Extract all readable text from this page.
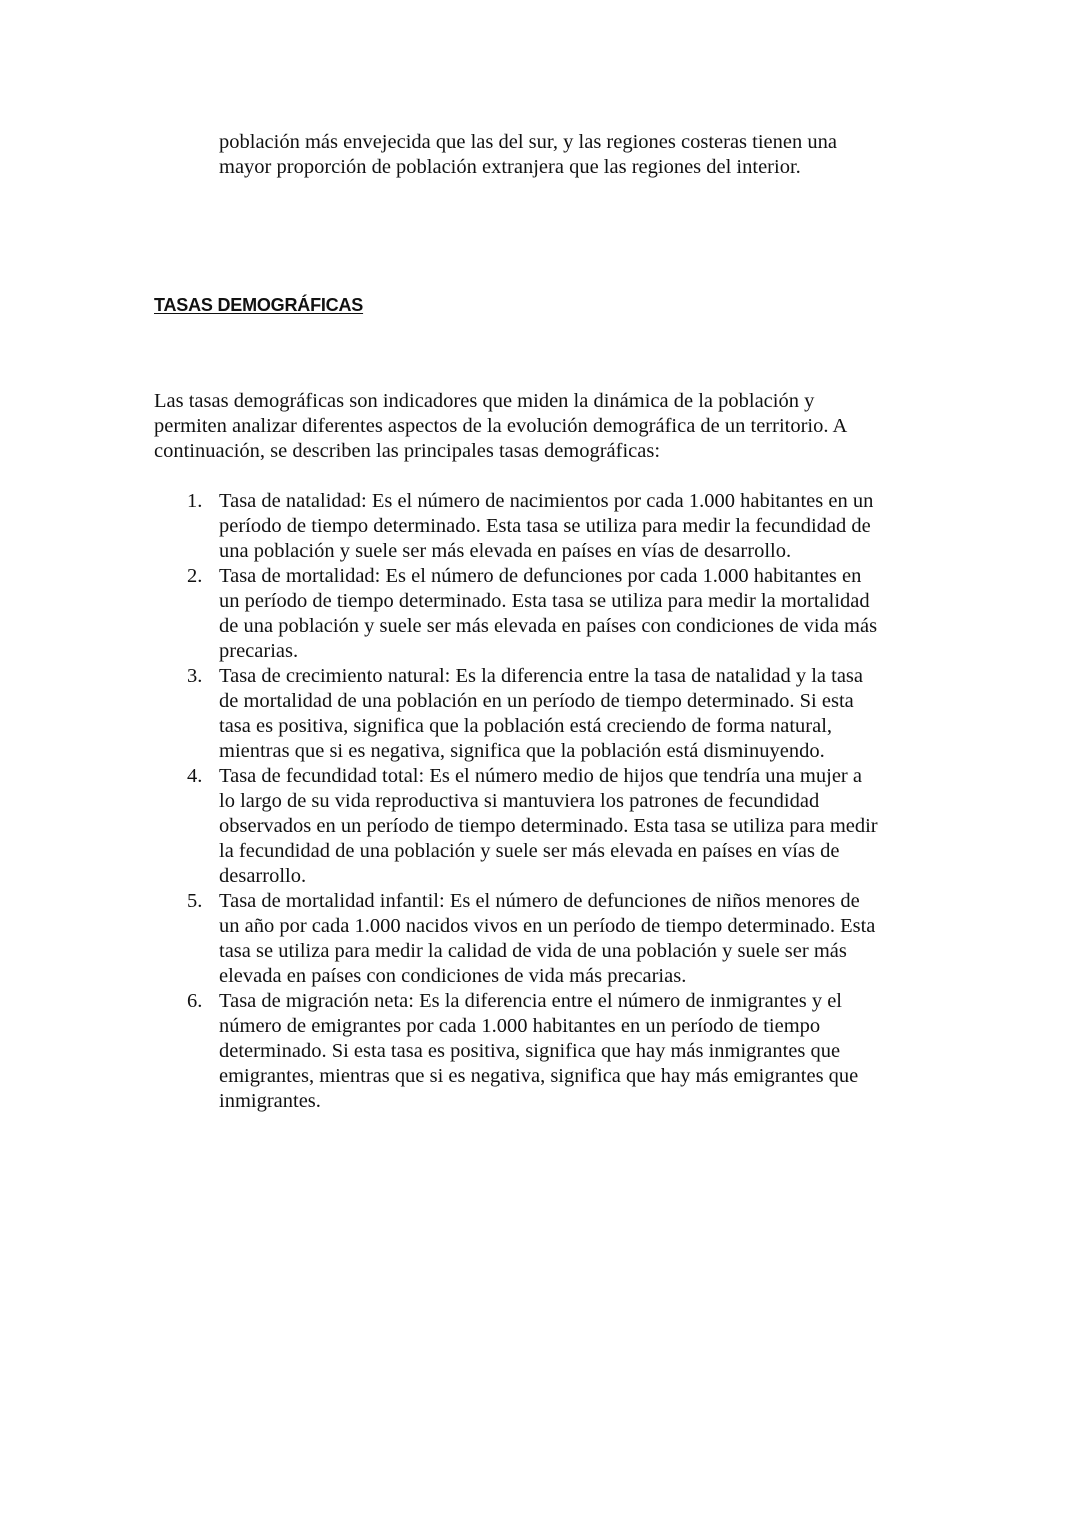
población más envejecida que las del sur, y las regiones costeras tienen una
mayor proporción de población extranjera que las regiones del interior.

TASAS DEMOGRÁFICAS

Las tasas demográficas son indicadores que miden la dinámica de la población y
permiten analizar diferentes aspectos de la evolución demográfica de un territorio. A
continuación, se describen las principales tasas demográficas:

1. Tasa de natalidad: Es el número de nacimientos por cada 1.000 habitantes en un
período de tiempo determinado. Esta tasa se utiliza para medir la fecundidad de
una población y suele ser más elevada en países en vías de desarrollo.
2. Tasa de mortalidad: Es el número de defunciones por cada 1.000 habitantes en
un período de tiempo determinado. Esta tasa se utiliza para medir la mortalidad
de una población y suele ser más elevada en países con condiciones de vida más
precarias.
3. Tasa de crecimiento natural: Es la diferencia entre la tasa de natalidad y la tasa
de mortalidad de una población en un período de tiempo determinado. Si esta
tasa es positiva, significa que la población está creciendo de forma natural,
mientras que si es negativa, significa que la población está disminuyendo.
4. Tasa de fecundidad total: Es el número medio de hijos que tendría una mujer a
lo largo de su vida reproductiva si mantuviera los patrones de fecundidad
observados en un período de tiempo determinado. Esta tasa se utiliza para medir
la fecundidad de una población y suele ser más elevada en países en vías de
desarrollo.
5. Tasa de mortalidad infantil: Es el número de defunciones de niños menores de
un año por cada 1.000 nacidos vivos en un período de tiempo determinado. Esta
tasa se utiliza para medir la calidad de vida de una población y suele ser más
elevada en países con condiciones de vida más precarias.
6. Tasa de migración neta: Es la diferencia entre el número de inmigrantes y el
número de emigrantes por cada 1.000 habitantes en un período de tiempo
determinado. Si esta tasa es positiva, significa que hay más inmigrantes que
emigrantes, mientras que si es negativa, significa que hay más emigrantes que
inmigrantes.
